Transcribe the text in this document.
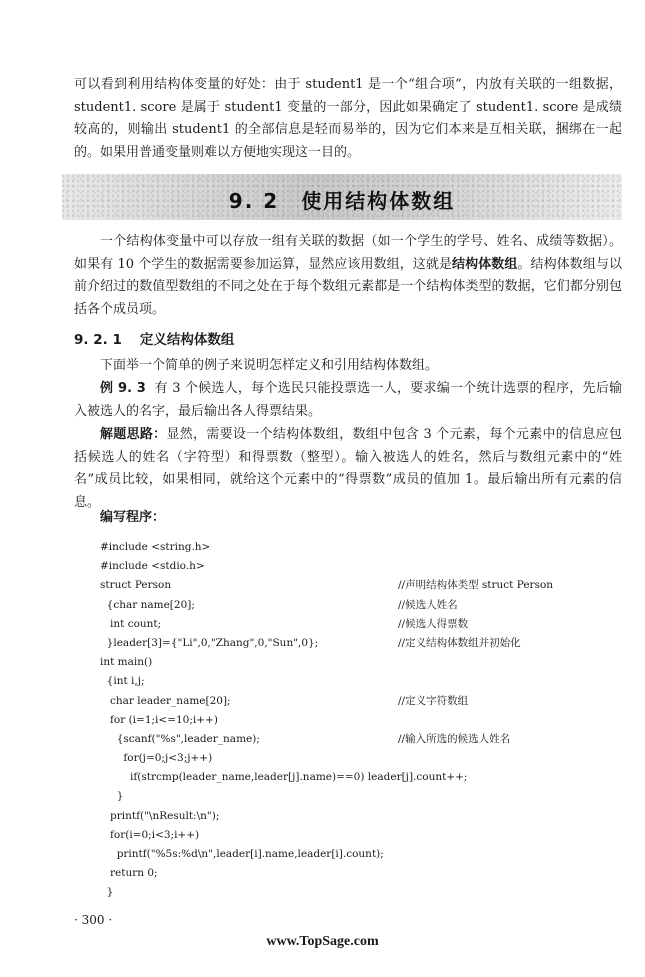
可以看到利用结构体变量的好处：由于 student1 是一个“组合项”，内放有关联的一组数据，student1. score 是属于 student1 变量的一部分，因此如果确定了 student1. score 是成绩较高的，则输出 student1 的全部信息是轻而易举的，因为它们本来是互相关联，捆绑在一起的。如果用普通变量则难以方便地实现这一目的。

9. 2 使用结构体数组

一个结构体变量中可以存放一组有关联的数据（如一个学生的学号、姓名、成绩等数据）。如果有 10 个学生的数据需要参加运算，显然应该用数组，这就是结构体数组。结构体数组与以前介绍过的数值型数组的不同之处在于每个数组元素都是一个结构体类型的数据，它们都分别包括各个成员项。

9. 2. 1 定义结构体数组

下面举一个简单的例子来说明怎样定义和引用结构体数组。

例 9. 3 有 3 个候选人，每个选民只能投票选一人，要求编一个统计选票的程序，先后输入被选人的名字，最后输出各人得票结果。

解题思路：显然，需要设一个结构体数组，数组中包含 3 个元素，每个元素中的信息应包括候选人的姓名（字符型）和得票数（整型）。输入被选人的姓名，然后与数组元素中的“姓名”成员比较，如果相同，就给这个元素中的“得票数”成员的值加 1。最后输出所有元素的信息。

编写程序：

#include <string.h>
#include <stdio.h>
struct Person	//声明结构体类型 struct Person
{char name[20];	//候选人姓名
int count;	//候选人得票数
}leader[3]={"Li",0,"Zhang",0,"Sun",0};	//定义结构体数组并初始化
int main()
{int i,j;
char leader_name[20];	//定义字符数组
for (i=1;i<=10;i++)
{scanf("%s",leader_name);	//输入所选的候选人姓名
for(j=0;j<3;j++)
if(strcmp(leader_name,leader[j].name)==0) leader[j].count++;
}
printf("\nResult:\n");
for(i=0;i<3;i++)
printf("%5s:%d\n",leader[i].name,leader[i].count);
return 0;
}
· 300 ·
www.TopSage.com
